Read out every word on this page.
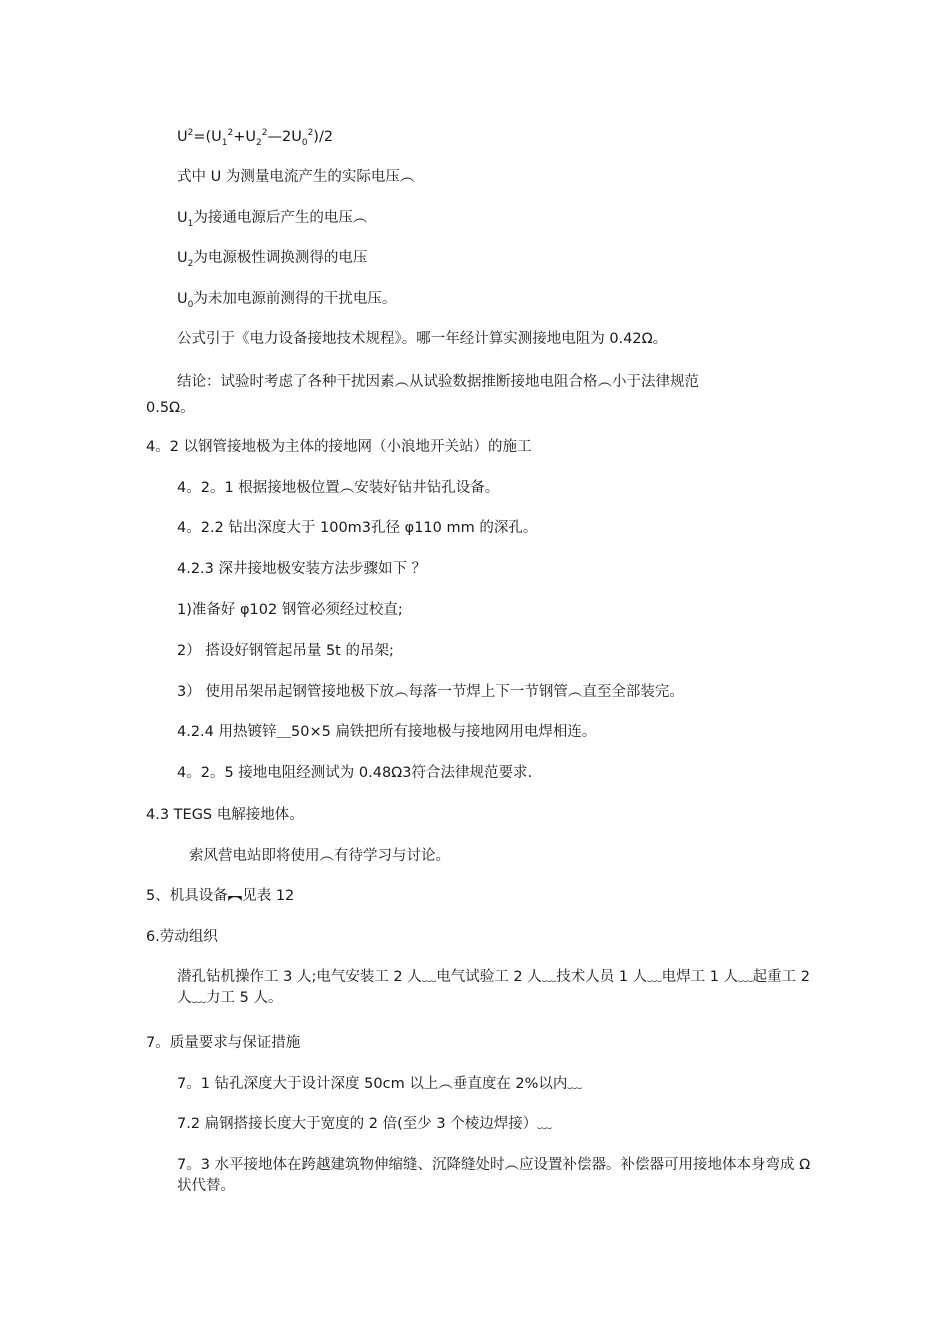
$U^2=(U_1^2+U_2^2—2U_0^2)/2$
式中 U 为测量电流产生的实际电压︵
$U_1$为接通电源后产生的电压︵
$U_2$为电源极性调换测得的电压
$U_0$为未加电源前测得的干扰电压。
公式引于《电力设备接地技术规程》。哪一年经计算实测接地电阻为 0.42Ω。
结论：试验时考虑了各种干扰因素︵从试验数据推断接地电阻合格︵小于法律规范
0.5Ω。
4。2 以钢管接地极为主体的接地网（小浪地开关站）的施工
4。2。1 根据接地极位置︵安装好钻井钻孔设备。
4。2.2 钻出深度大于 100m3孔径 φ110 mm 的深孔。
4.2.3 深井接地极安装方法步骤如下 ？
1)准备好 φ102 钢管必须经过校直;
2） 搭设好钢管起吊量 5t 的吊架;
3） 使用吊架吊起钢管接地极下放︵每落一节焊上下一节钢管︵直至全部装完。
4.2.4 用热镀锌＿50×5 扁铁把所有接地极与接地网用电焊相连。
4。2。5 接地电阻经测试为 0.48Ω3符合法律规范要求.
4.3 TEGS 电解接地体。
索风营电站即将使用︵有待学习与讨论。
5、机具设备︻见表 12
6.劳动组织
潜孔钻机操作工 3 人;电气安装工 2 人﹏电气试验工 2 人﹏技术人员 1 人﹏电焊工 1 人﹏起重工 2 人﹏力工 5 人。
7。质量要求与保证措施
7。1 钻孔深度大于设计深度 50cm 以上︵垂直度在 2%以内﹏
7.2 扁钢搭接长度大于宽度的 2 倍(至少 3 个棱边焊接）﹏
7。3 水平接地体在跨越建筑物伸缩缝、沉降缝处时︵应设置补偿器。补偿器可用接地体本身弯成 Ω 状代替。
